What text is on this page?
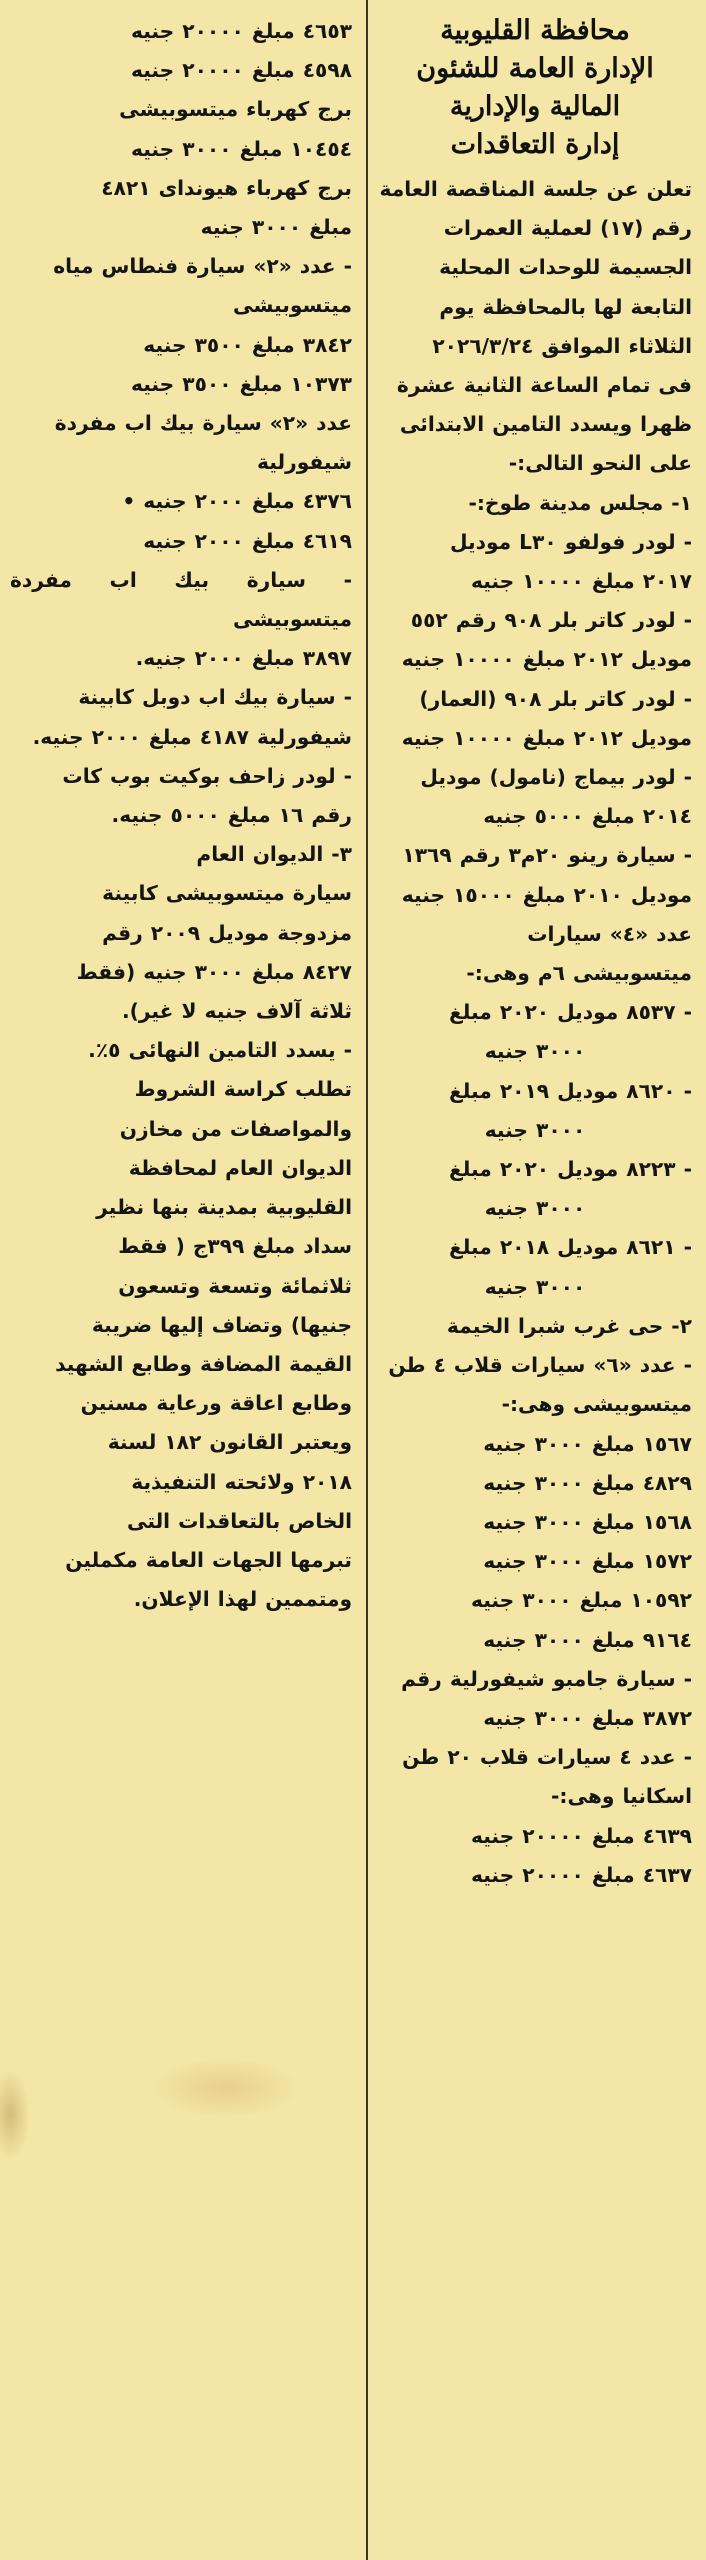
محافظة القليوبية
الإدارة العامة للشئون
المالية والإدارية
إدارة التعاقدات

تعلن عن جلسة المناقصة العامة

رقم (١٧) لعملية العمرات

الجسيمة للوحدات المحلية

التابعة لها بالمحافظة يوم

الثلاثاء الموافق ٢٠٢٦/٣/٢٤

فى تمام الساعة الثانية عشرة

ظهرا ويسدد التامين الابتدائى

على النحو التالى:-

١- مجلس مدينة طوخ:-

- لودر فولفو L٣٠ موديل

٢٠١٧ مبلغ ١٠٠٠٠ جنيه

- لودر كاتر بلر ٩٠٨ رقم ٥٥٢

موديل ٢٠١٢ مبلغ ١٠٠٠٠ جنيه

- لودر كاتر بلر ٩٠٨ (العمار)

موديل ٢٠١٢ مبلغ ١٠٠٠٠ جنيه

- لودر بيماج (نامول) موديل

٢٠١٤ مبلغ ٥٠٠٠ جنيه

- سيارة رينو ٢٠م٣ رقم ١٣٦٩

موديل ٢٠١٠ مبلغ ١٥٠٠٠ جنيه

عدد «٤» سيارات

ميتسوبيشى ٦م وهى:-

- ٨٥٣٧ موديل ٢٠٢٠ مبلغ

٣٠٠٠ جنيه

- ٨٦٢٠ موديل ٢٠١٩ مبلغ

٣٠٠٠ جنيه

- ٨٢٢٣ موديل ٢٠٢٠ مبلغ

٣٠٠٠ جنيه

- ٨٦٢١ موديل ٢٠١٨ مبلغ

٣٠٠٠ جنيه

٢- حى غرب شبرا الخيمة

- عدد «٦» سيارات قلاب ٤ طن

ميتسوبيشى وهى:-

١٥٦٧ مبلغ ٣٠٠٠ جنيه

٤٨٢٩ مبلغ ٣٠٠٠ جنيه

١٥٦٨ مبلغ ٣٠٠٠ جنيه

١٥٧٢ مبلغ ٣٠٠٠ جنيه

١٠٥٩٢ مبلغ ٣٠٠٠ جنيه

٩١٦٤ مبلغ ٣٠٠٠ جنيه

- سيارة جامبو شيفورلية رقم

٣٨٧٢ مبلغ ٣٠٠٠ جنيه

- عدد ٤ سيارات قلاب ٢٠ طن

اسكانيا وهى:-

٤٦٣٩ مبلغ ٢٠٠٠٠ جنيه

٤٦٣٧ مبلغ ٢٠٠٠٠ جنيه

٤٦٥٣ مبلغ ٢٠٠٠٠ جنيه

٤٥٩٨ مبلغ ٢٠٠٠٠ جنيه

برج كهرباء ميتسوبيشى

١٠٤٥٤ مبلغ ٣٠٠٠ جنيه

برج كهرباء هيونداى ٤٨٢١

مبلغ ٣٠٠٠ جنيه

- عدد «٢» سيارة فنطاس مياه

ميتسوبيشى

٣٨٤٢ مبلغ ٣٥٠٠ جنيه

١٠٣٧٣ مبلغ ٣٥٠٠ جنيه

عدد «٢» سيارة بيك اب مفردة

شيفورلية

٤٣٧٦ مبلغ ٢٠٠٠ جنيه •

٤٦١٩ مبلغ ٢٠٠٠ جنيه

- سيارة بيك اب مفردة ميتسوبيشى

٣٨٩٧ مبلغ ٢٠٠٠ جنيه.

- سيارة بيك اب دوبل كابينة

شيفورلية ٤١٨٧ مبلغ ٢٠٠٠ جنيه.

- لودر زاحف بوكيت بوب كات

رقم ١٦ مبلغ ٥٠٠٠ جنيه.

٣- الديوان العام

سيارة ميتسوبيشى كابينة

مزدوجة موديل ٢٠٠٩ رقم

٨٤٢٧ مبلغ ٣٠٠٠ جنيه (فقط

ثلاثة آلاف جنيه لا غير).

- يسدد التامين النهائى ٥٪.

تطلب كراسة الشروط

والمواصفات من مخازن

الديوان العام لمحافظة

القليوبية بمدينة بنها نظير

سداد مبلغ ٣٩٩ج ( فقط

ثلاثمائة وتسعة وتسعون

جنيها) وتضاف إليها ضريبة

القيمة المضافة وطابع الشهيد

وطابع اعاقة ورعاية مسنين

ويعتبر القانون ١٨٢ لسنة

٢٠١٨ ولائحته التنفيذية

الخاص بالتعاقدات التى

تبرمها الجهات العامة مكملين

ومتممين لهذا الإعلان.
